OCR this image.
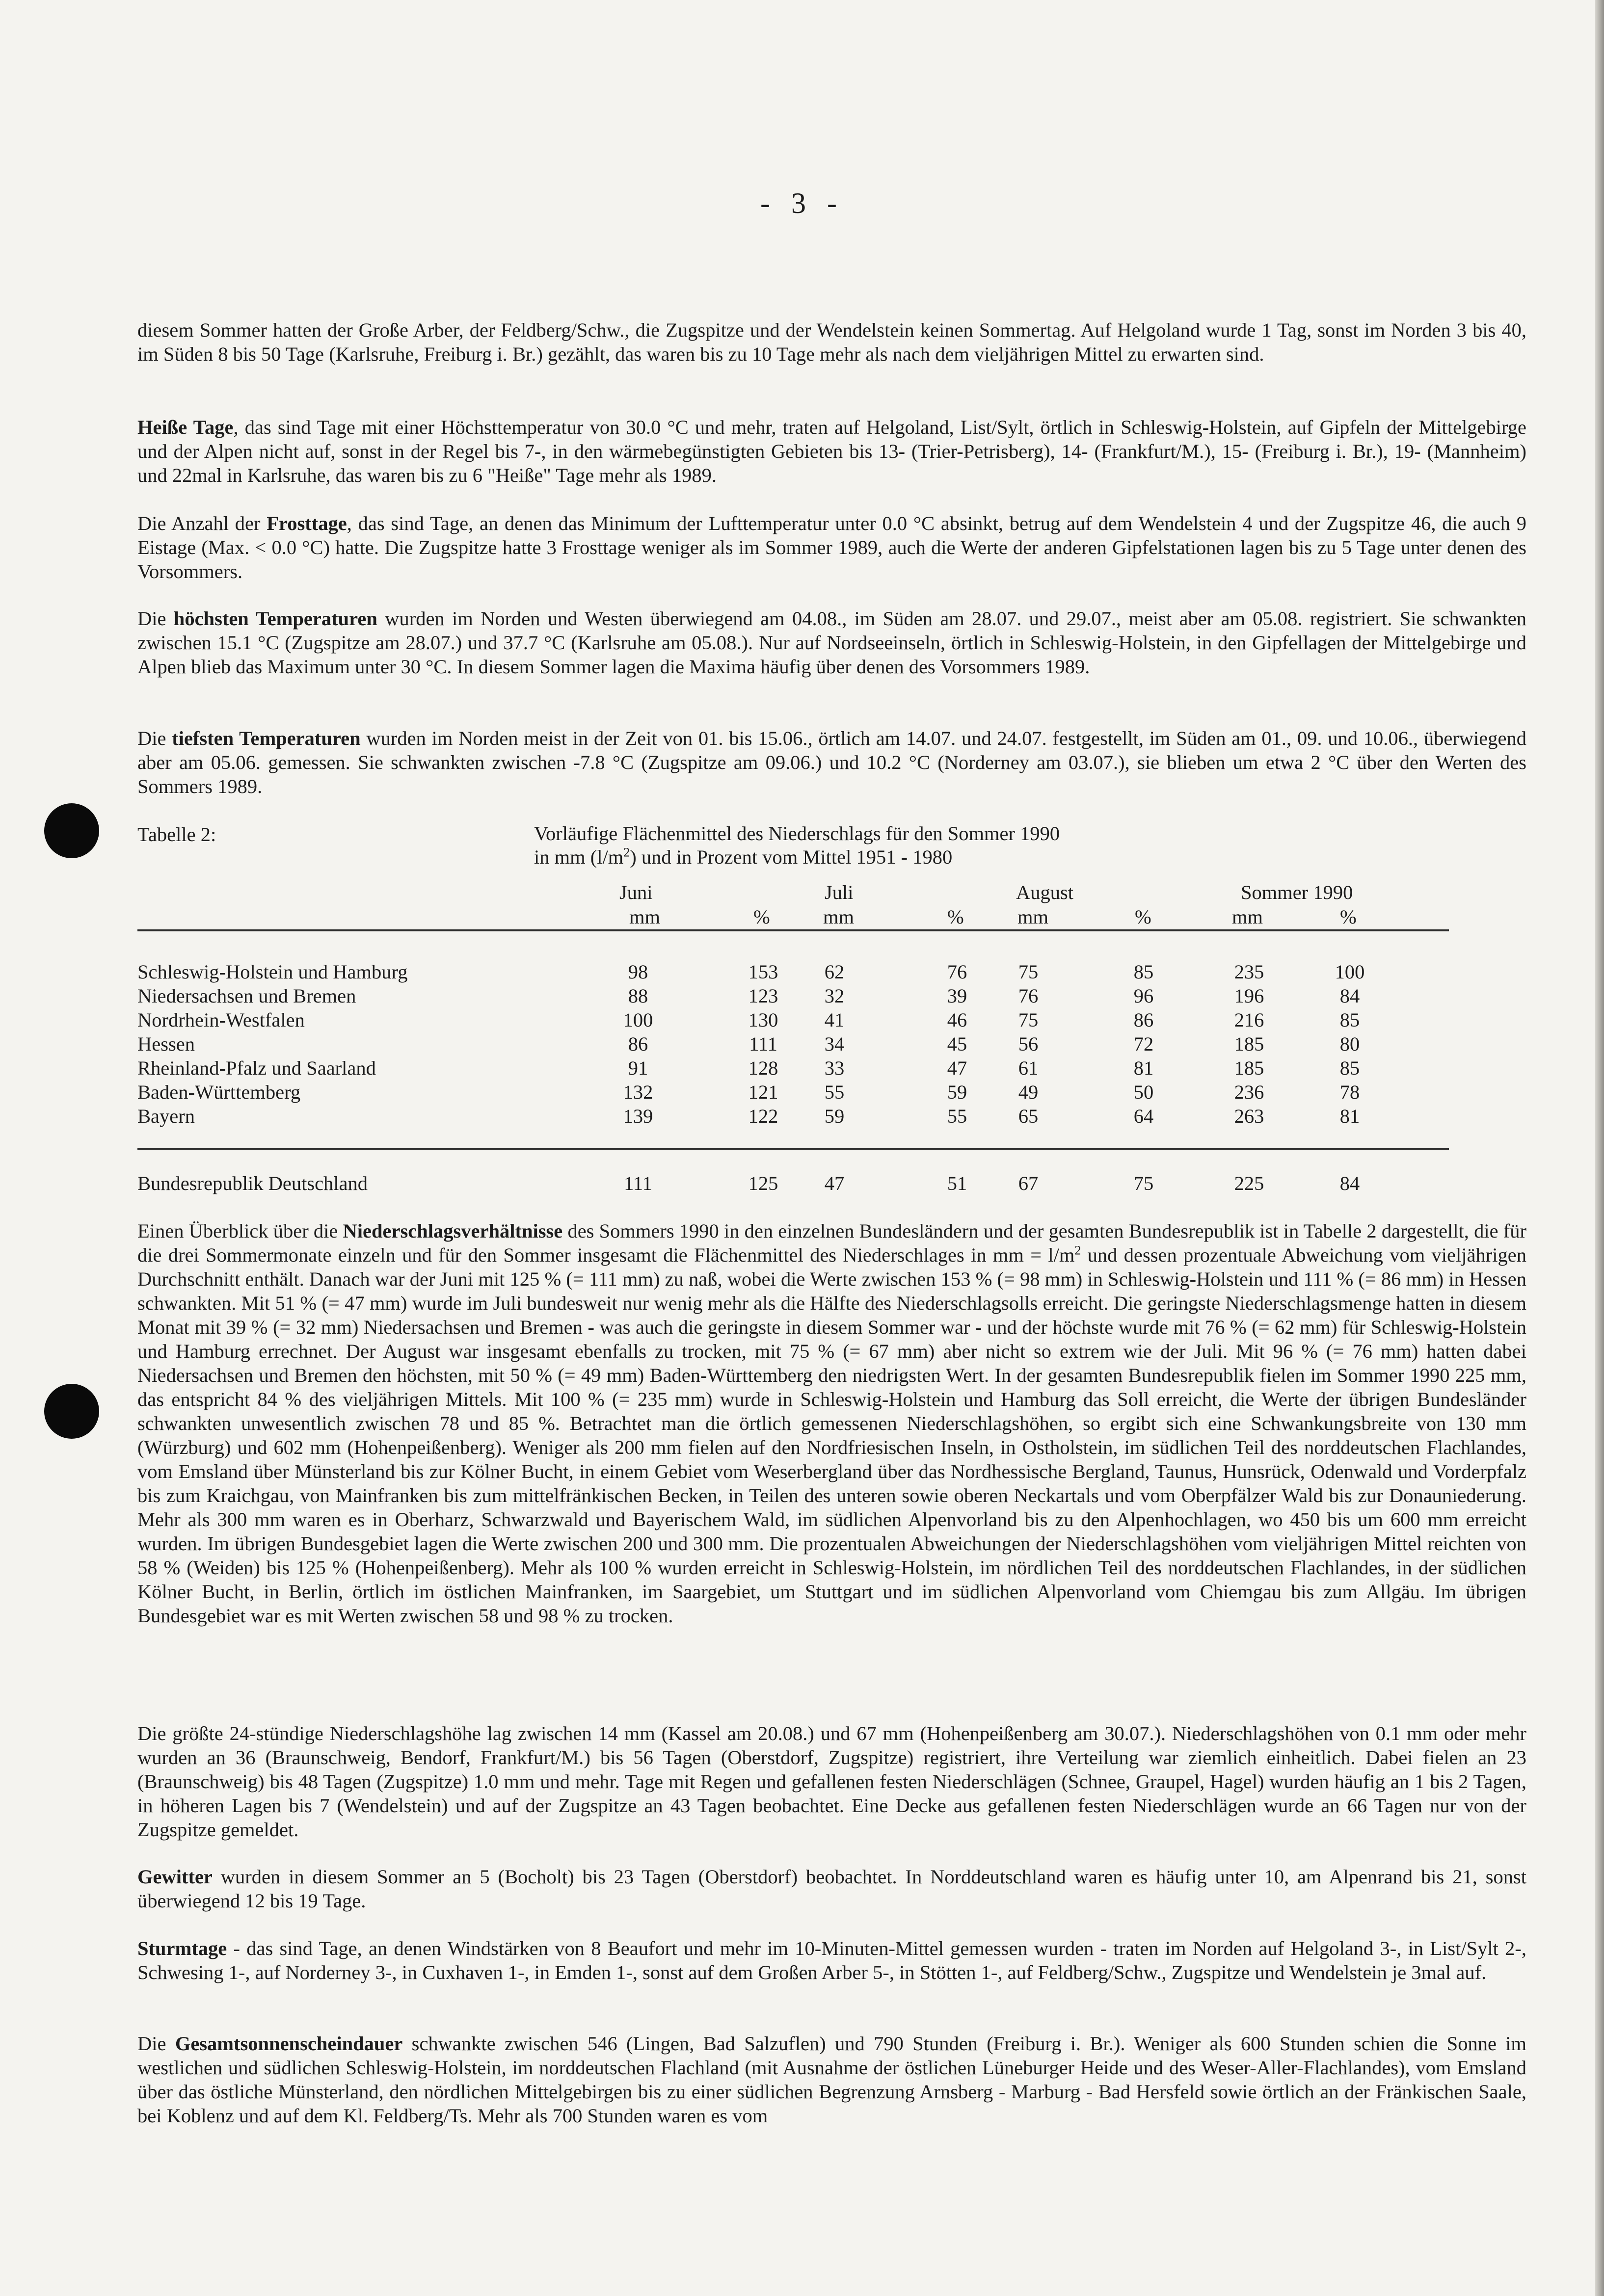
- 3 -

diesem Sommer hatten der Große Arber, der Feldberg/Schw., die Zugspitze und der Wendelstein keinen Sommertag. Auf Helgoland wurde 1 Tag, sonst im Norden 3 bis 40, im Süden 8 bis 50 Tage (Karlsruhe, Freiburg i. Br.) gezählt, das waren bis zu 10 Tage mehr als nach dem vieljährigen Mittel zu erwarten sind.

Heiße Tage, das sind Tage mit einer Höchsttemperatur von 30.0 °C und mehr, traten auf Helgoland, List/Sylt, örtlich in Schleswig-Holstein, auf Gipfeln der Mittelgebirge und der Alpen nicht auf, sonst in der Regel bis 7-, in den wärmebegünstigten Gebieten bis 13- (Trier-Petrisberg), 14- (Frankfurt/M.), 15- (Freiburg i. Br.), 19- (Mannheim) und 22mal in Karlsruhe, das waren bis zu 6 "Heiße" Tage mehr als 1989.

Die Anzahl der Frosttage, das sind Tage, an denen das Minimum der Lufttemperatur unter 0.0 °C absinkt, betrug auf dem Wendelstein 4 und der Zugspitze 46, die auch 9 Eistage (Max. < 0.0 °C) hatte. Die Zugspitze hatte 3 Frosttage weniger als im Sommer 1989, auch die Werte der anderen Gipfelstationen lagen bis zu 5 Tage unter denen des Vorsommers.

Die höchsten Temperaturen wurden im Norden und Westen überwiegend am 04.08., im Süden am 28.07. und 29.07., meist aber am 05.08. registriert. Sie schwankten zwischen 15.1 °C (Zugspitze am 28.07.) und 37.7 °C (Karlsruhe am 05.08.). Nur auf Nordseeinseln, örtlich in Schleswig-Holstein, in den Gipfellagen der Mittelgebirge und Alpen blieb das Maximum unter 30 °C. In diesem Sommer lagen die Maxima häufig über denen des Vorsommers 1989.

Die tiefsten Temperaturen wurden im Norden meist in der Zeit von 01. bis 15.06., örtlich am 14.07. und 24.07. festgestellt, im Süden am 01., 09. und 10.06., überwiegend aber am 05.06. gemessen. Sie schwankten zwischen -7.8 °C (Zugspitze am 09.06.) und 10.2 °C (Norderney am 03.07.), sie blieben um etwa 2 °C über den Werten des Sommers 1989.

Tabelle 2:	Vorläufige Flächenmittel des Niederschlags für den Sommer 1990
in mm $(l/m^2)$ und in Prozent vom Mittel 1951 - 1980
Juni	Juli	August	Sommer 1990
mm	%	mm	%	mm	%	mm	%
Schleswig-Holstein und Hamburg	98	153	62	76	75	85	235	100
Niedersachsen und Bremen	88	123	32	39	76	96	196	84
Nordrhein-Westfalen	100	130	41	46	75	86	216	85
Hessen	86	111	34	45	56	72	185	80
Rheinland-Pfalz und Saarland	91	128	33	47	61	81	185	85
Baden-Württemberg	132	121	55	59	49	50	236	78
Bayern	139	122	59	55	65	64	263	81
Bundesrepublik Deutschland	111	125	47	51	67	75	225	84

Einen Überblick über die Niederschlagsverhältnisse des Sommers 1990 in den einzelnen Bundesländern und der gesamten Bundesrepublik ist in Tabelle 2 dargestellt, die für die drei Sommermonate einzeln und für den Sommer insgesamt die Flächenmittel des Niederschlages in mm = $l/m^2$ und dessen prozentuale Abweichung vom vieljährigen Durchschnitt enthält. Danach war der Juni mit 125 % (= 111 mm) zu naß, wobei die Werte zwischen 153 % (= 98 mm) in Schleswig-Holstein und 111 % (= 86 mm) in Hessen schwankten. Mit 51 % (= 47 mm) wurde im Juli bundesweit nur wenig mehr als die Hälfte des Niederschlagsolls erreicht. Die geringste Niederschlagsmenge hatten in diesem Monat mit 39 % (= 32 mm) Niedersachsen und Bremen - was auch die geringste in diesem Sommer war - und der höchste wurde mit 76 % (= 62 mm) für Schleswig-Holstein und Hamburg errechnet. Der August war insgesamt ebenfalls zu trocken, mit 75 % (= 67 mm) aber nicht so extrem wie der Juli. Mit 96 % (= 76 mm) hatten dabei Niedersachsen und Bremen den höchsten, mit 50 % (= 49 mm) Baden-Württemberg den niedrigsten Wert. In der gesamten Bundesrepublik fielen im Sommer 1990 225 mm, das entspricht 84 % des vieljährigen Mittels. Mit 100 % (= 235 mm) wurde in Schleswig-Holstein und Hamburg das Soll erreicht, die Werte der übrigen Bundesländer schwankten unwesentlich zwischen 78 und 85 %. Betrachtet man die örtlich gemessenen Niederschlagshöhen, so ergibt sich eine Schwankungsbreite von 130 mm (Würzburg) und 602 mm (Hohenpeißenberg). Weniger als 200 mm fielen auf den Nordfriesischen Inseln, in Ostholstein, im südlichen Teil des norddeutschen Flachlandes, vom Emsland über Münsterland bis zur Kölner Bucht, in einem Gebiet vom Weserbergland über das Nordhessische Bergland, Taunus, Hunsrück, Odenwald und Vorderpfalz bis zum Kraichgau, von Mainfranken bis zum mittelfränkischen Becken, in Teilen des unteren sowie oberen Neckartals und vom Oberpfälzer Wald bis zur Donauniederung. Mehr als 300 mm waren es in Oberharz, Schwarzwald und Bayerischem Wald, im südlichen Alpenvorland bis zu den Alpenhochlagen, wo 450 bis um 600 mm erreicht wurden. Im übrigen Bundesgebiet lagen die Werte zwischen 200 und 300 mm. Die prozentualen Abweichungen der Niederschlagshöhen vom vieljährigen Mittel reichten von 58 % (Weiden) bis 125 % (Hohenpeißenberg). Mehr als 100 % wurden erreicht in Schleswig-Holstein, im nördlichen Teil des norddeutschen Flachlandes, in der südlichen Kölner Bucht, in Berlin, örtlich im östlichen Mainfranken, im Saargebiet, um Stuttgart und im südlichen Alpenvorland vom Chiemgau bis zum Allgäu. Im übrigen Bundesgebiet war es mit Werten zwischen 58 und 98 % zu trocken.

Die größte 24-stündige Niederschlagshöhe lag zwischen 14 mm (Kassel am 20.08.) und 67 mm (Hohenpeißenberg am 30.07.). Niederschlagshöhen von 0.1 mm oder mehr wurden an 36 (Braunschweig, Bendorf, Frankfurt/M.) bis 56 Tagen (Oberstdorf, Zugspitze) registriert, ihre Verteilung war ziemlich einheitlich. Dabei fielen an 23 (Braunschweig) bis 48 Tagen (Zugspitze) 1.0 mm und mehr. Tage mit Regen und gefallenen festen Niederschlägen (Schnee, Graupel, Hagel) wurden häufig an 1 bis 2 Tagen, in höheren Lagen bis 7 (Wendelstein) und auf der Zugspitze an 43 Tagen beobachtet. Eine Decke aus gefallenen festen Niederschlägen wurde an 66 Tagen nur von der Zugspitze gemeldet.

Gewitter wurden in diesem Sommer an 5 (Bocholt) bis 23 Tagen (Oberstdorf) beobachtet. In Norddeutschland waren es häufig unter 10, am Alpenrand bis 21, sonst überwiegend 12 bis 19 Tage.

Sturmtage - das sind Tage, an denen Windstärken von 8 Beaufort und mehr im 10-Minuten-Mittel gemessen wurden - traten im Norden auf Helgoland 3-, in List/Sylt 2-, Schwesing 1-, auf Norderney 3-, in Cuxhaven 1-, in Emden 1-, sonst auf dem Großen Arber 5-, in Stötten 1-, auf Feldberg/Schw., Zugspitze und Wendelstein je 3mal auf.

Die Gesamtsonnenscheindauer schwankte zwischen 546 (Lingen, Bad Salzuflen) und 790 Stunden (Freiburg i. Br.). Weniger als 600 Stunden schien die Sonne im westlichen und südlichen Schleswig-Holstein, im norddeutschen Flachland (mit Ausnahme der östlichen Lüneburger Heide und des Weser-Aller-Flachlandes), vom Emsland über das östliche Münsterland, den nördlichen Mittelgebirgen bis zu einer südlichen Begrenzung Arnsberg - Marburg - Bad Hersfeld sowie örtlich an der Fränkischen Saale, bei Koblenz und auf dem Kl. Feldberg/Ts. Mehr als 700 Stunden waren es vom
